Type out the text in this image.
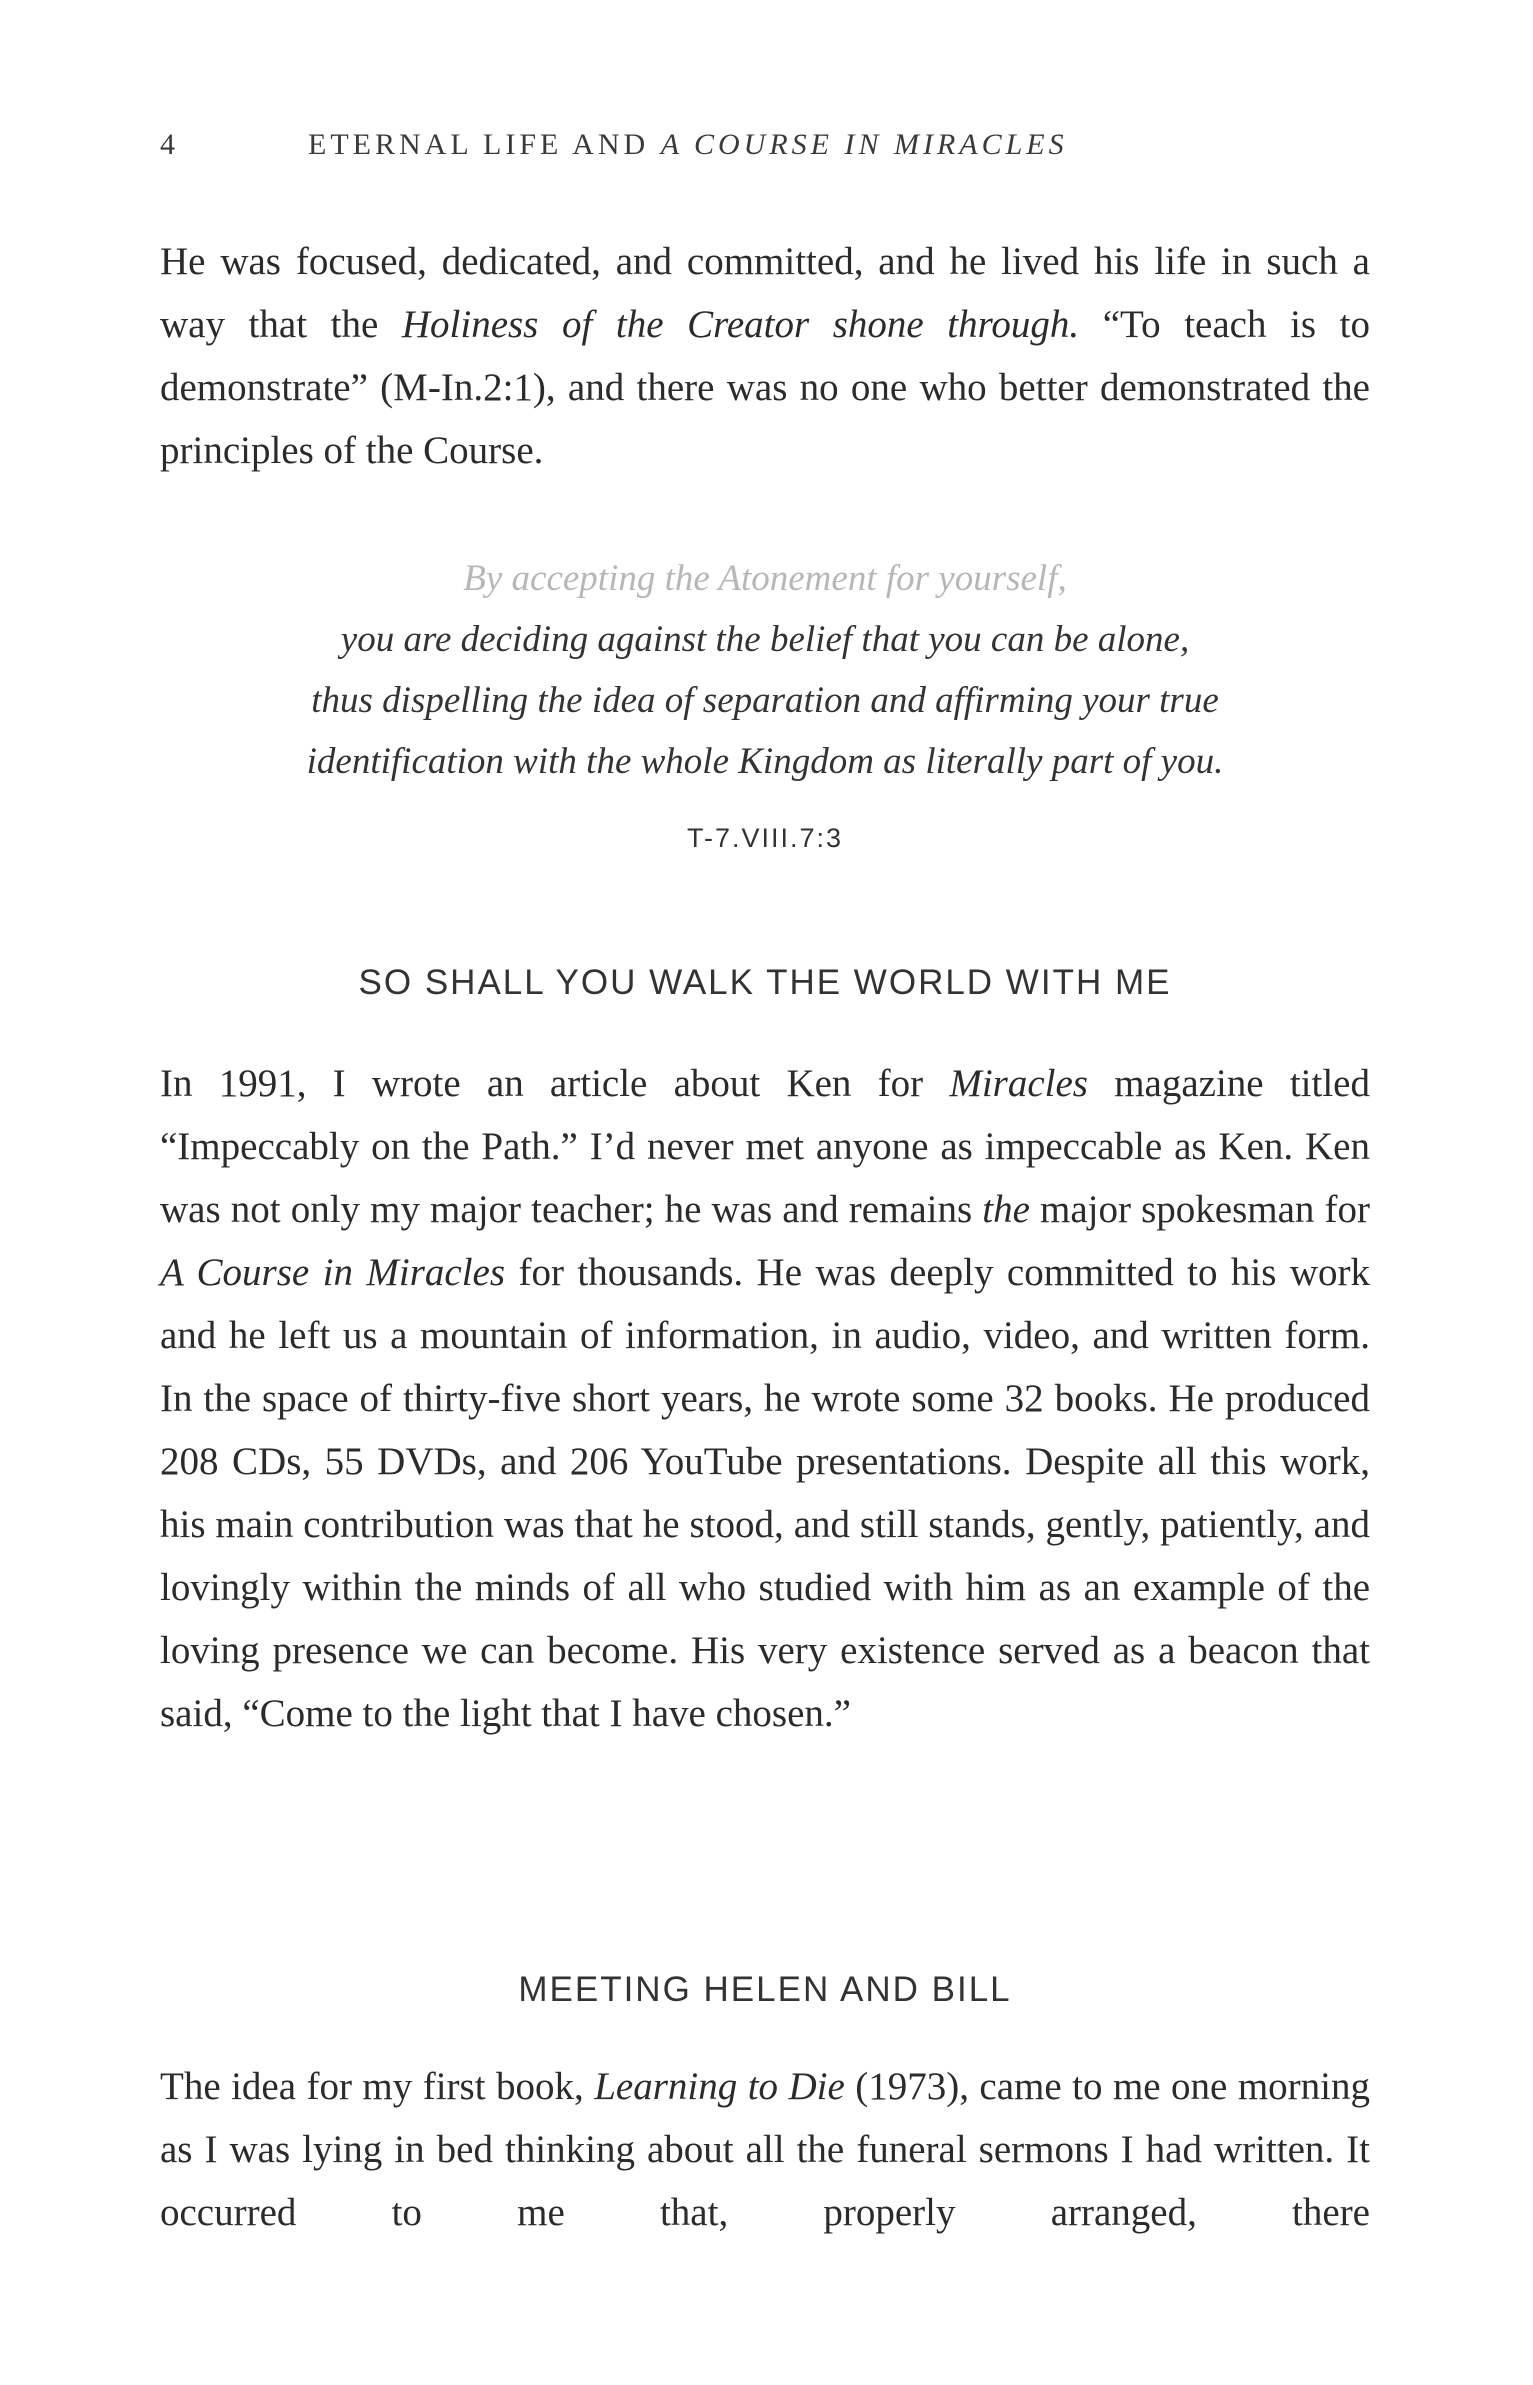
4	ETERNAL LIFE AND A COURSE IN MIRACLES

He was focused, dedicated, and committed, and he lived his life in such a way that the Holiness of the Creator shone through. “To teach is to demonstrate” (M-In.2:1), and there was no one who better demonstrated the principles of the Course.

By accepting the Atonement for yourself,
you are deciding against the belief that you can be alone,
thus dispelling the idea of separation and affirming your true
identification with the whole Kingdom as literally part of you.
T-7.VIII.7:3
SO SHALL YOU WALK THE WORLD WITH ME

In 1991, I wrote an article about Ken for Miracles magazine titled “Impeccably on the Path.” I’d never met anyone as impeccable as Ken. Ken was not only my major teacher; he was and remains the major spokesman for A Course in Miracles for thousands. He was deeply committed to his work and he left us a mountain of information, in audio, video, and written form. In the space of thirty-five short years, he wrote some 32 books. He produced 208 CDs, 55 DVDs, and 206 YouTube presentations. Despite all this work, his main contribution was that he stood, and still stands, gently, patiently, and lovingly within the minds of all who studied with him as an example of the loving presence we can become. His very existence served as a beacon that said, “Come to the light that I have chosen.”

MEETING HELEN AND BILL

The idea for my first book, Learning to Die (1973), came to me one morning as I was lying in bed thinking about all the funeral sermons I had written. It occurred to me that, properly arranged, there
